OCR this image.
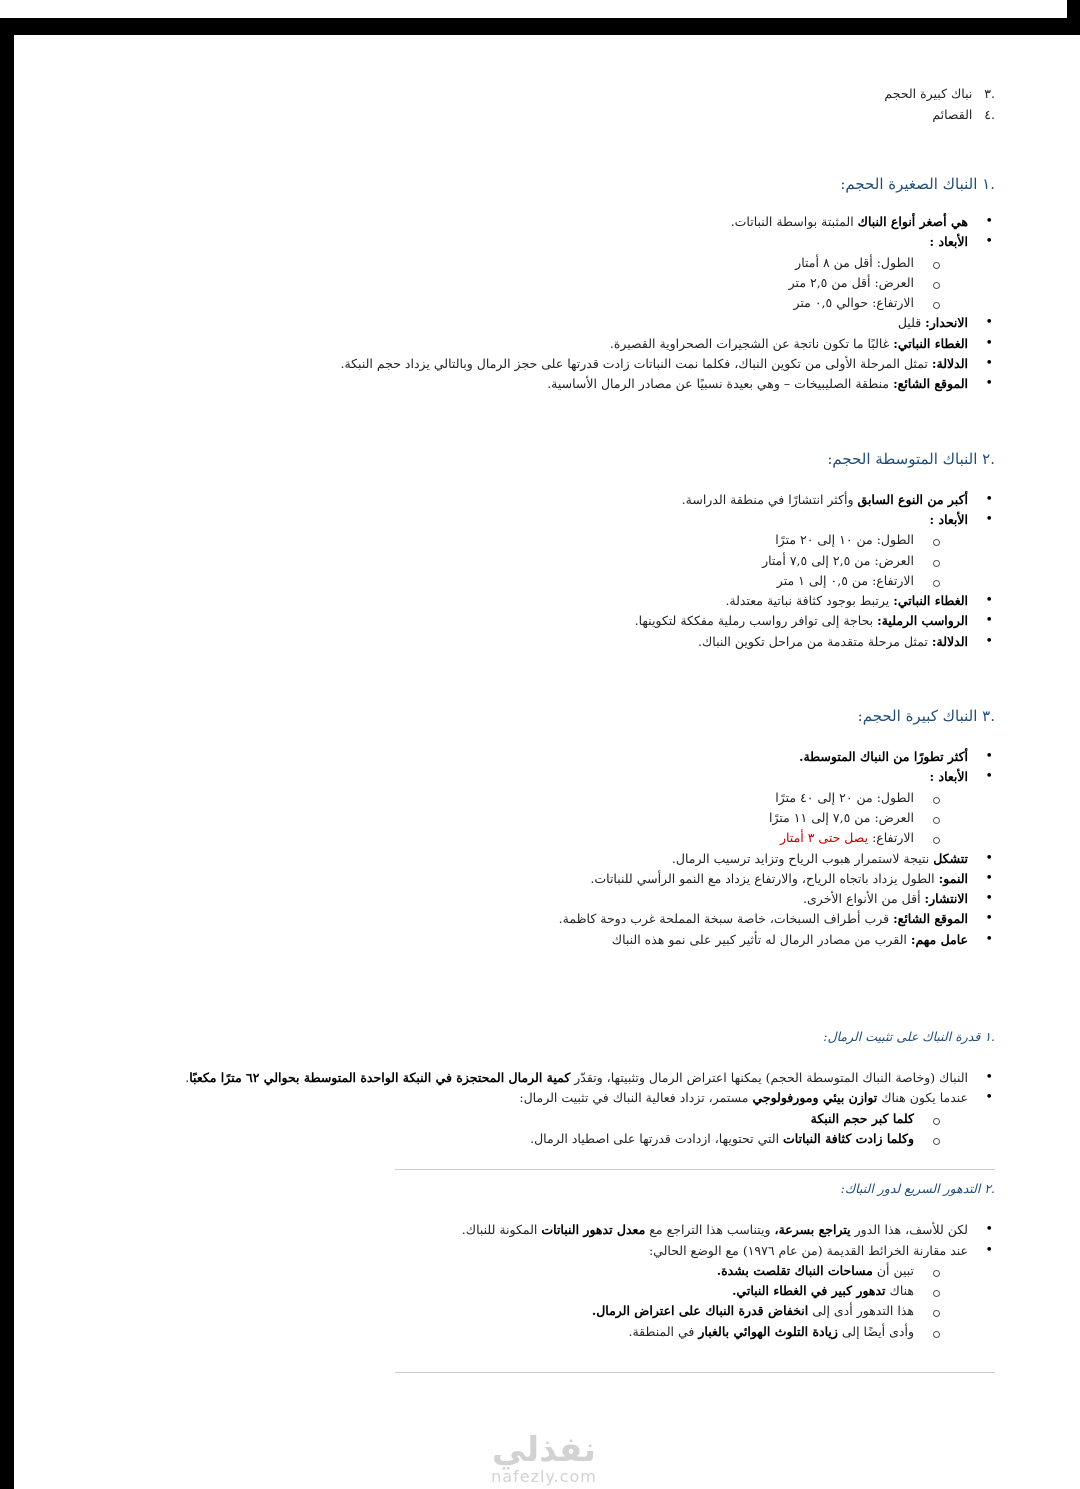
.٣   نباك كبيرة الحجم
.٤   القصائم

.١ النباك الصغيرة الحجم:

• هي أصغر أنواع النباك المثبتة بواسطة النباتات.
• الأبعاد :
الطول: أقل من ٨ أمتار
العرض: أقل من ٢,٥ متر
الارتفاع: حوالي ٠,٥ متر
• الانحدار: قليل
• الغطاء النباتي: غالبًا ما تكون ناتجة عن الشجيرات الصحراوية القصيرة.
• الدلالة: تمثل المرحلة الأولى من تكوين النباك، فكلما نمت النباتات زادت قدرتها على حجز الرمال وبالتالي يزداد حجم النبكة.
• الموقع الشائع: منطقة الصليبيخات – وهي بعيدة نسبيًا عن مصادر الرمال الأساسية.

.٢ النباك المتوسطة الحجم:

• أكبر من النوع السابق وأكثر انتشارًا في منطقة الدراسة.
• الأبعاد :
الطول: من ١٠ إلى ٢٠ مترًا
العرض: من ٢,٥ إلى ٧,٥ أمتار
الارتفاع: من ٠,٥ إلى ١ متر
• الغطاء النباتي: يرتبط بوجود كثافة نباتية معتدلة.
• الرواسب الرملية: بحاجة إلى توافر رواسب رملية مفككة لتكوينها.
• الدلالة: تمثل مرحلة متقدمة من مراحل تكوين النباك.

.٣ النباك كبيرة الحجم:

• أكثر تطورًا من النباك المتوسطة.
• الأبعاد :
الطول: من ٢٠ إلى ٤٠ مترًا
العرض: من ٧,٥ إلى ١١ مترًا
الارتفاع: يصل حتى ٣ أمتار
• تتشكل نتيجة لاستمرار هبوب الرياح وتزايد ترسيب الرمال.
• النمو: الطول يزداد باتجاه الرياح، والارتفاع يزداد مع النمو الرأسي للنباتات.
• الانتشار: أقل من الأنواع الأخرى.
• الموقع الشائع: قرب أطراف السبخات، خاصة سبخة المملحة غرب دوحة كاظمة.
• عامل مهم: القرب من مصادر الرمال له تأثير كبير على نمو هذه النباك

.١ قدرة النباك على تثبيت الرمال:

• النباك (وخاصة النباك المتوسطة الحجم) يمكنها اعتراض الرمال وتثبيتها، وتقدّر كمية الرمال المحتجزة في النبكة الواحدة المتوسطة بحوالي ٦٢ مترًا مكعبًا.
• عندما يكون هناك توازن بيئي ومورفولوجي مستمر، تزداد فعالية النباك في تثبيت الرمال:
كلما كبر حجم النبكة
وكلما زادت كثافة النباتات التي تحتويها، ازدادت قدرتها على اصطياد الرمال.

.٢ التدهور السريع لدور النباك:

• لكن للأسف، هذا الدور يتراجع بسرعة، ويتناسب هذا التراجع مع معدل تدهور النباتات المكونة للنباك.
• عند مقارنة الخرائط القديمة (من عام ١٩٧٦) مع الوضع الحالي:
تبين أن مساحات النباك تقلصت بشدة.
هناك تدهور كبير في الغطاء النباتي.
هذا التدهور أدى إلى انخفاض قدرة النباك على اعتراض الرمال.
وأدى أيضًا إلى زيادة التلوث الهوائي بالغبار في المنطقة.
نفذلي
nafezly.com
